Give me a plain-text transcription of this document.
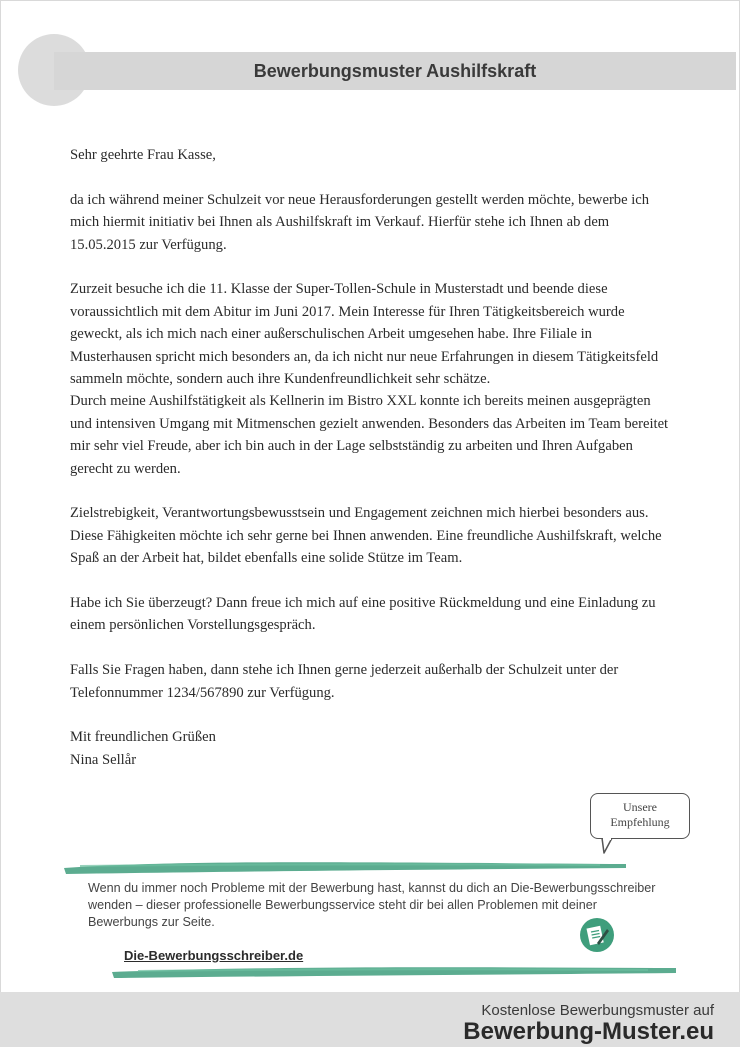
Bewerbungsmuster Aushilfskraft

Sehr geehrte Frau Kasse,

da ich während meiner Schulzeit vor neue Herausforderungen gestellt werden möchte, bewerbe ich mich hiermit initiativ bei Ihnen als Aushilfskraft im Verkauf. Hierfür stehe ich Ihnen ab dem 15.05.2015 zur Verfügung.

Zurzeit besuche ich die 11. Klasse der Super-Tollen-Schule in Musterstadt und beende diese voraussichtlich mit dem Abitur im Juni 2017. Mein Interesse für Ihren Tätigkeitsbereich wurde geweckt, als ich mich nach einer außerschulischen Arbeit umgesehen habe. Ihre Filiale in Musterhausen spricht mich besonders an, da ich nicht nur neue Erfahrungen in diesem Tätigkeitsfeld sammeln möchte, sondern auch ihre Kundenfreundlichkeit sehr schätze.

Durch meine Aushilfstätigkeit als Kellnerin im Bistro XXL konnte ich bereits meinen ausgeprägten und intensiven Umgang mit Mitmenschen gezielt anwenden. Besonders das Arbeiten im Team bereitet mir sehr viel Freude, aber ich bin auch in der Lage selbstständig zu arbeiten und Ihren Aufgaben gerecht zu werden.

Zielstrebigkeit, Verantwortungsbewusstsein und Engagement zeichnen mich hierbei besonders aus. Diese Fähigkeiten möchte ich sehr gerne bei Ihnen anwenden. Eine freundliche Aushilfskraft, welche Spaß an der Arbeit hat, bildet ebenfalls eine solide Stütze im Team.

Habe ich Sie überzeugt? Dann freue ich mich auf eine positive Rückmeldung und eine Einladung zu einem persönlichen Vorstellungsgespräch.

Falls Sie Fragen haben, dann stehe ich Ihnen gerne jederzeit außerhalb der Schulzeit unter der Telefonnummer 1234/567890 zur Verfügung.

Mit freundlichen Grüßen

Nina Sellår

Unsere
Empfehlung
Wenn du immer noch Probleme mit der Bewerbung hast, kannst du dich an Die-Bewerbungsschreiber wenden – dieser professionelle Bewerbungsservice steht dir bei allen Problemen mit deiner Bewerbungs zur Seite.
Die-Bewerbungsschreiber.de
Kostenlose Bewerbungsmuster auf
Bewerbung-Muster.eu
